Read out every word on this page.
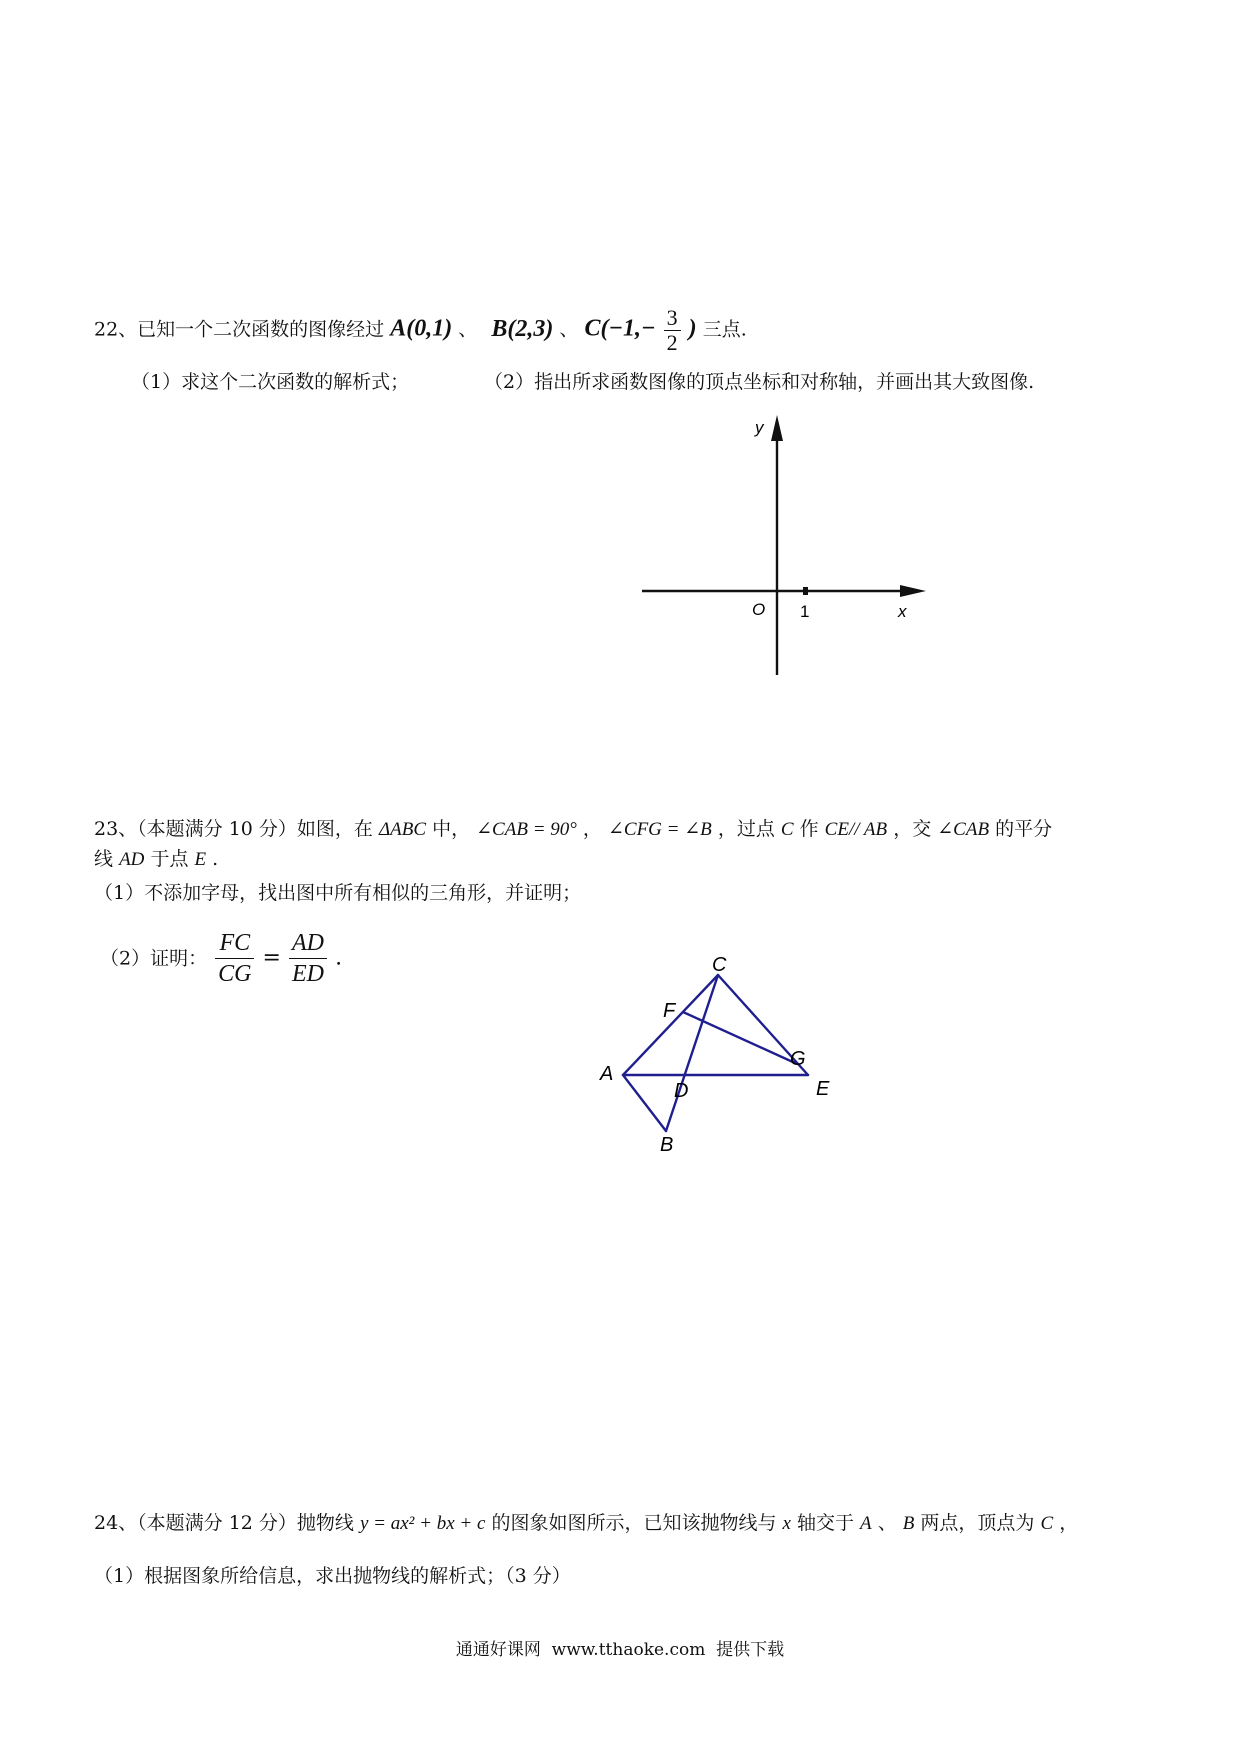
22、已知一个二次函数的图像经过 A(0,1) 、 B(2,3) 、 $C(-1,- \frac{3}{2}$ ) 三点.
（1）求这个二次函数的解析式；	（2）指出所求函数图像的顶点坐标和对称轴，并画出其大致图像.
y
O 1	x
23、（本题满分 10 分）如图，在 ΔABC 中， ∠CAB = 90° ， ∠CFG = ∠B ，过点 C 作 CE// AB ，交 ∠CAB 的平分
线 AD 于点 E .
（1）不添加字母，找出图中所有相似的三角形，并证明；
（2）证明： $\frac{FC}{CG} = \frac{AD}{ED}$ .	C
F
G
A
D	E
B
24、（本题满分 12 分）抛物线 y = ax² + bx + c 的图象如图所示，已知该抛物线与 x 轴交于 A 、 B 两点，顶点为 C ，
（1）根据图象所给信息，求出抛物线的解析式；（3 分）
通通好课网  www.tthaoke.com  提供下载
